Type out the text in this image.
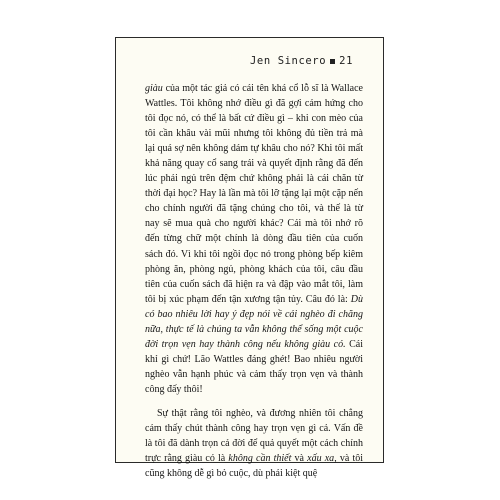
Jen Sincero 21

giàu của một tác giả có cái tên khá cổ lỗ sĩ là Wallace Wattles. Tôi không nhớ điều gì đã gợi cảm hứng cho tôi đọc nó, có thể là bất cứ điều gì – khi con mèo của tôi cần khâu vài mũi nhưng tôi không đủ tiền trả mà lại quá sợ nên không dám tự khâu cho nó? Khi tôi mất khả năng quay cổ sang trái và quyết định rằng đã đến lúc phải ngủ trên đệm chứ không phải là cái chăn từ thời đại học? Hay là lần mà tôi lỡ tặng lại một cặp nến cho chính người đã tặng chúng cho tôi, và thế là từ nay sẽ mua quà cho người khác? Cái mà tôi nhớ rõ đến từng chữ một chính là dòng đầu tiên của cuốn sách đó. Vì khi tôi ngồi đọc nó trong phòng bếp kiêm phòng ăn, phòng ngủ, phòng khách của tôi, câu đầu tiên của cuốn sách đã hiện ra và đập vào mắt tôi, làm tôi bị xúc phạm đến tận xương tận tủy. Câu đó là: Dù có bao nhiêu lời hay ý đẹp nói về cái nghèo đi chăng nữa, thực tế là chúng ta vẫn không thể sống một cuộc đời trọn vẹn hay thành công nếu không giàu có. Cái khỉ gì chứ! Lão Wattles đáng ghét! Bao nhiêu người nghèo vẫn hạnh phúc và cảm thấy trọn vẹn và thành công đấy thôi!

Sự thật rằng tôi nghèo, và đương nhiên tôi chẳng cảm thấy chút thành công hay trọn vẹn gì cả. Vấn đề là tôi đã dành trọn cả đời để quả quyết một cách chính trực rằng giàu có là không cần thiết và xấu xa, và tôi cũng không dễ gì bỏ cuộc, dù phải kiệt quệ
